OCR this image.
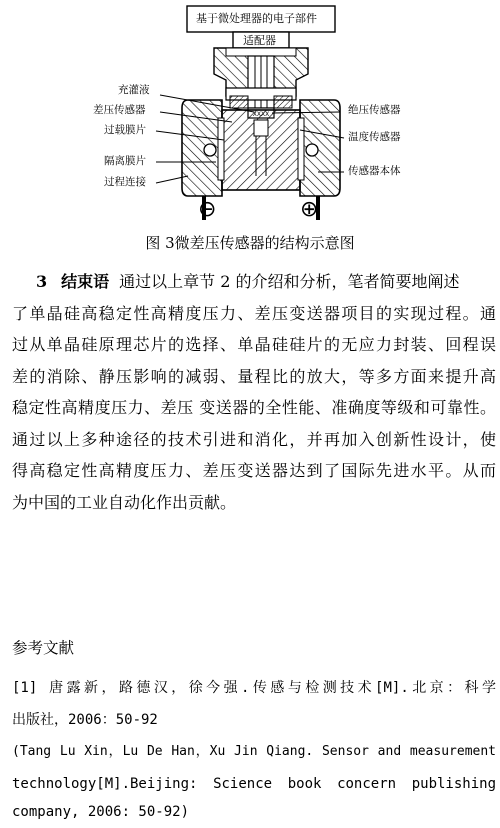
基于微处理器的电子部件
适配器
充灌液
差压传感器
过载膜片
隔离膜片
过程连接
绝压传感器
温度传感器
传感器本体
⊖	⊕
图 3微差压传感器的结构示意图
3 结束语 通过以上章节 2 的介绍和分析，笔者简要地阐述
了单晶硅高稳定性高精度压力、差压变送器项目的实现过程。通
过从单晶硅原理芯片的选择、单晶硅硅片的无应力封装、回程误
差的消除、静压影响的减弱、量程比的放大，等多方面来提升高
稳定性高精度压力、差压 变送器的全性能、准确度等级和可靠性。
通过以上多种途径的技术引进和消化，并再加入创新性设计，使
得高稳定性高精度压力、差压变送器达到了国际先进水平。从而
为中国的工业自动化作出贡献。
参考文献
[1] 唐露新，路德汉，徐今强.传感与检测技术[M].北京：科学
出版社，2006：50-92
(Tang Lu Xin，Lu De Han，Xu Jin Qiang. Sensor and measurement
technology[M].Beijing: Science book concern publishing
company, 2006: 50-92)
